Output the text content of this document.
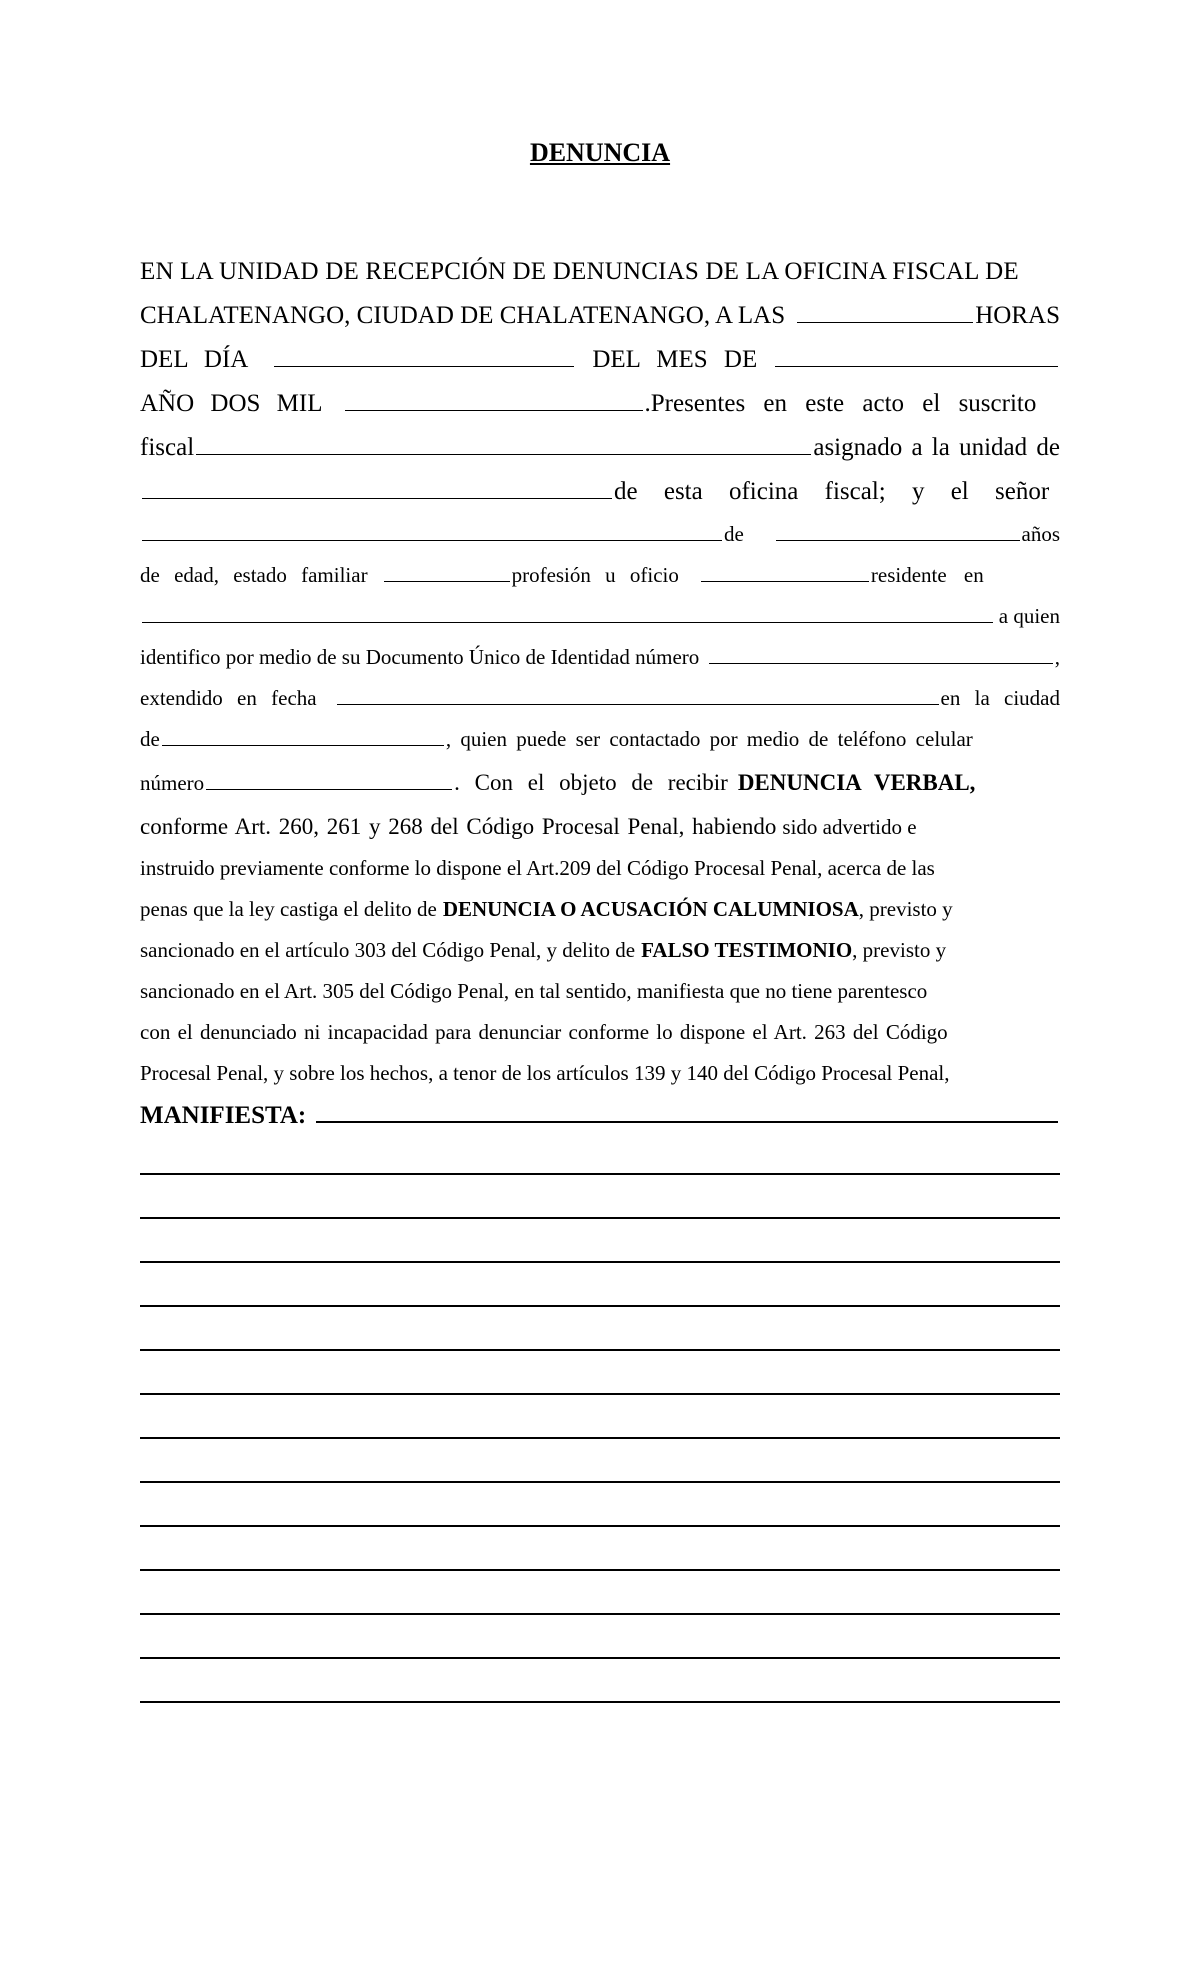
DENUNCIA
EN LA UNIDAD DE RECEPCIÓN DE DENUNCIAS DE LA OFICINA FISCAL DE
CHALATENANGO, CIUDAD DE CHALATENANGO, A LAS	HORAS
DEL DÍA	DEL MES DE
AÑO DOS MIL	.Presentes en este acto el suscrito
fiscal	asignado a la unidad de
de esta oficina fiscal; y el señor
de	años
de edad, estado familiar	profesión u oficio	residente en
a quien
identifico por medio de su Documento Único de Identidad número	,
extendido en fecha	en la ciudad
de	, quien puede ser contactado por medio de teléfono celular
número	. Con el objeto de recibir DENUNCIA VERBAL,
conforme Art. 260, 261 y 268 del Código Procesal Penal, habiendo sido advertido e
instruido previamente conforme lo dispone el Art.209 del Código Procesal Penal, acerca de las
penas que la ley castiga el delito de DENUNCIA O ACUSACIÓN CALUMNIOSA , previsto y
sancionado en el artículo 303 del Código Penal, y delito de FALSO TESTIMONIO , previsto y
sancionado en el Art. 305 del Código Penal, en tal sentido, manifiesta que no tiene parentesco
con el denunciado ni incapacidad para denunciar conforme lo dispone el Art. 263 del Código
Procesal Penal, y sobre los hechos, a tenor de los artículos 139 y 140 del Código Procesal Penal,
MANIFIESTA:
